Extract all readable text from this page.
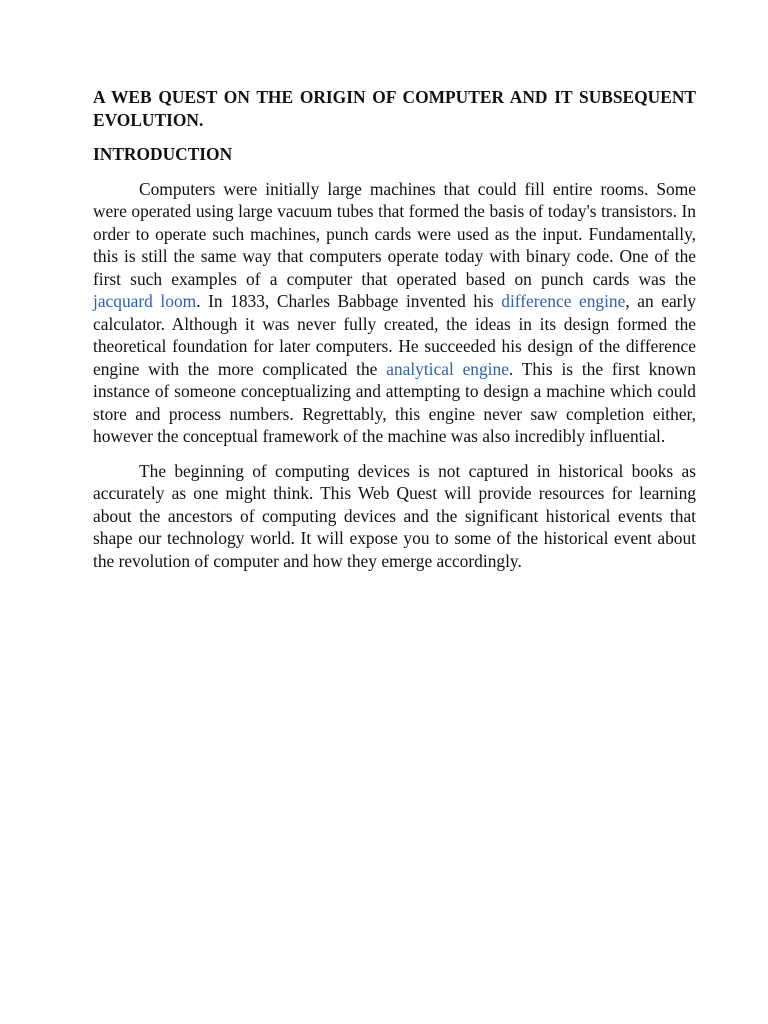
A WEB QUEST ON THE ORIGIN OF COMPUTER AND IT SUBSEQUENT EVOLUTION.

INTRODUCTION

Computers were initially large machines that could fill entire rooms. Some were operated using large vacuum tubes that formed the basis of today's transistors. In order to operate such machines, punch cards were used as the input. Fundamentally, this is still the same way that computers operate today with binary code. One of the first such examples of a computer that operated based on punch cards was the jacquard loom. In 1833, Charles Babbage invented his difference engine, an early calculator. Although it was never fully created, the ideas in its design formed the theoretical foundation for later computers. He succeeded his design of the difference engine with the more complicated the analytical engine. This is the first known instance of someone conceptualizing and attempting to design a machine which could store and process numbers. Regrettably, this engine never saw completion either, however the conceptual framework of the machine was also incredibly influential.

The beginning of computing devices is not captured in historical books as accurately as one might think. This Web Quest will provide resources for learning about the ancestors of computing devices and the significant historical events that shape our technology world. It will expose you to some of the historical event about the revolution of computer and how they emerge accordingly.
